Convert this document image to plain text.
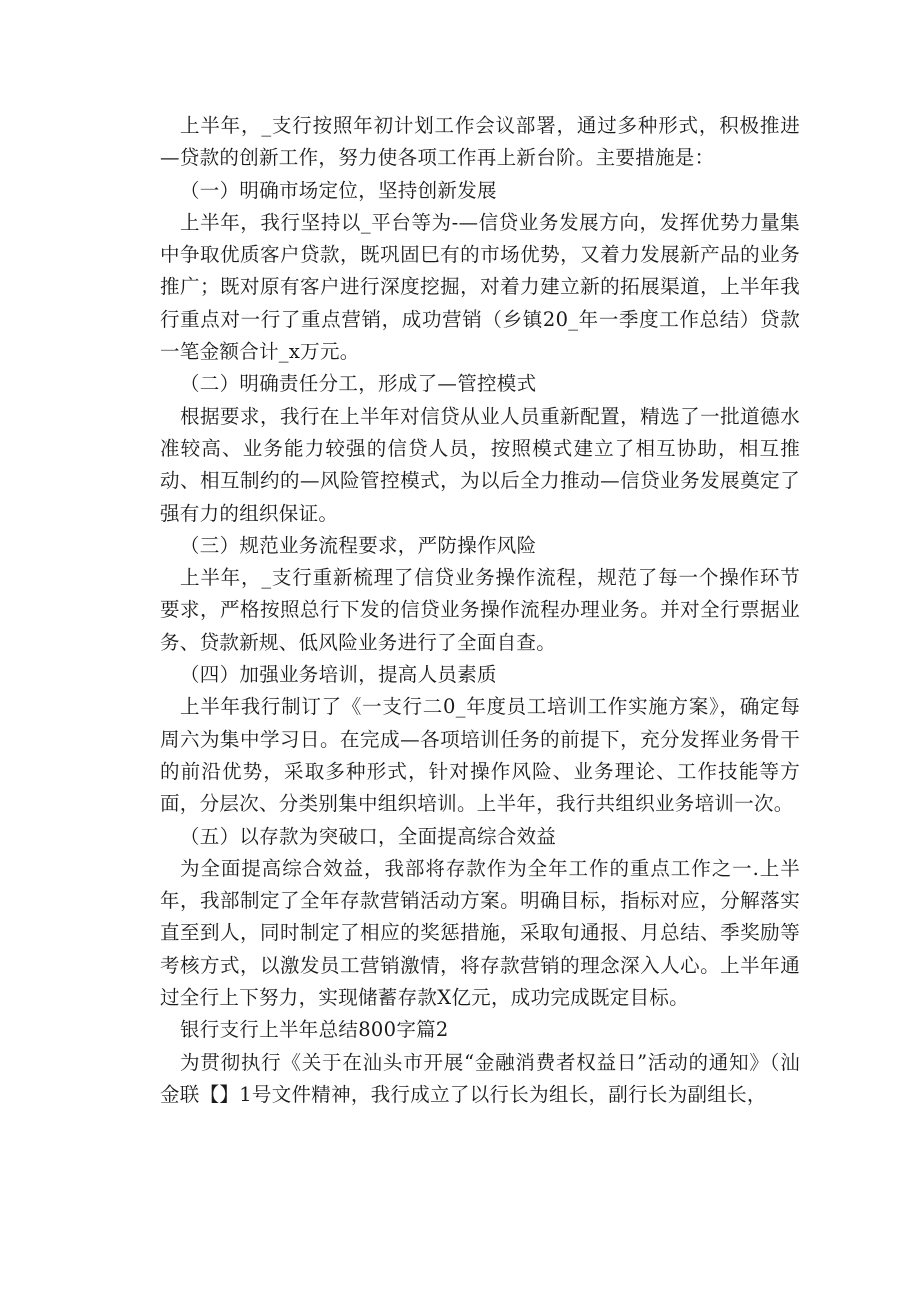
上半年，_支行按照年初计划工作会议部署，通过多种形式，积极推进—贷款的创新工作，努力使各项工作再上新台阶。主要措施是：

（一）明确市场定位，坚持创新发展

上半年，我行坚持以_平台等为-—信贷业务发展方向，发挥优势力量集中争取优质客户贷款，既巩固巳有的市场优势，又着力发展新产品的业务推广；既对原有客户进行深度挖掘，对着力建立新的拓展渠道，上半年我行重点对一行了重点营销，成功营销（乡镇20_年一季度工作总结）贷款一笔金额合计_x万元。

（二）明确责任分工，形成了—管控模式

根据要求，我行在上半年对信贷从业人员重新配置，精选了一批道德水准较高、业务能力较强的信贷人员，按照模式建立了相互协助，相互推动、相互制约的—风险管控模式，为以后全力推动—信贷业务发展奠定了强有力的组织保证。

（三）规范业务流程要求，严防操作风险

上半年，_支行重新梳理了信贷业务操作流程，规范了每一个操作环节要求，严格按照总行下发的信贷业务操作流程办理业务。并对全行票据业务、贷款新规、低风险业务进行了全面自查。

（四）加强业务培训，提高人员素质

上半年我行制订了《一支行二0_年度员工培训工作实施方案》，确定每周六为集中学习日。在完成—各项培训任务的前提下，充分发挥业务骨干的前沿优势，采取多种形式，针对操作风险、业务理论、工作技能等方面，分层次、分类别集中组织培训。上半年，我行共组织业务培训一次。

（五）以存款为突破口，全面提高综合效益

为全面提高综合效益，我部将存款作为全年工作的重点工作之一.上半年，我部制定了全年存款营销活动方案。明确目标，指标对应，分解落实直至到人，同时制定了相应的奖惩措施，采取旬通报、月总结、季奖励等考核方式，以激发员工营销激情，将存款营销的理念深入人心。上半年通过全行上下努力，实现储蓄存款X亿元，成功完成既定目标。

银行支行上半年总结800字篇2

为贯彻执行《关于在汕头市开展“金融消费者权益日”活动的通知》（汕金联【】1号文件精神，我行成立了以行长为组长，副行长为副组长，
